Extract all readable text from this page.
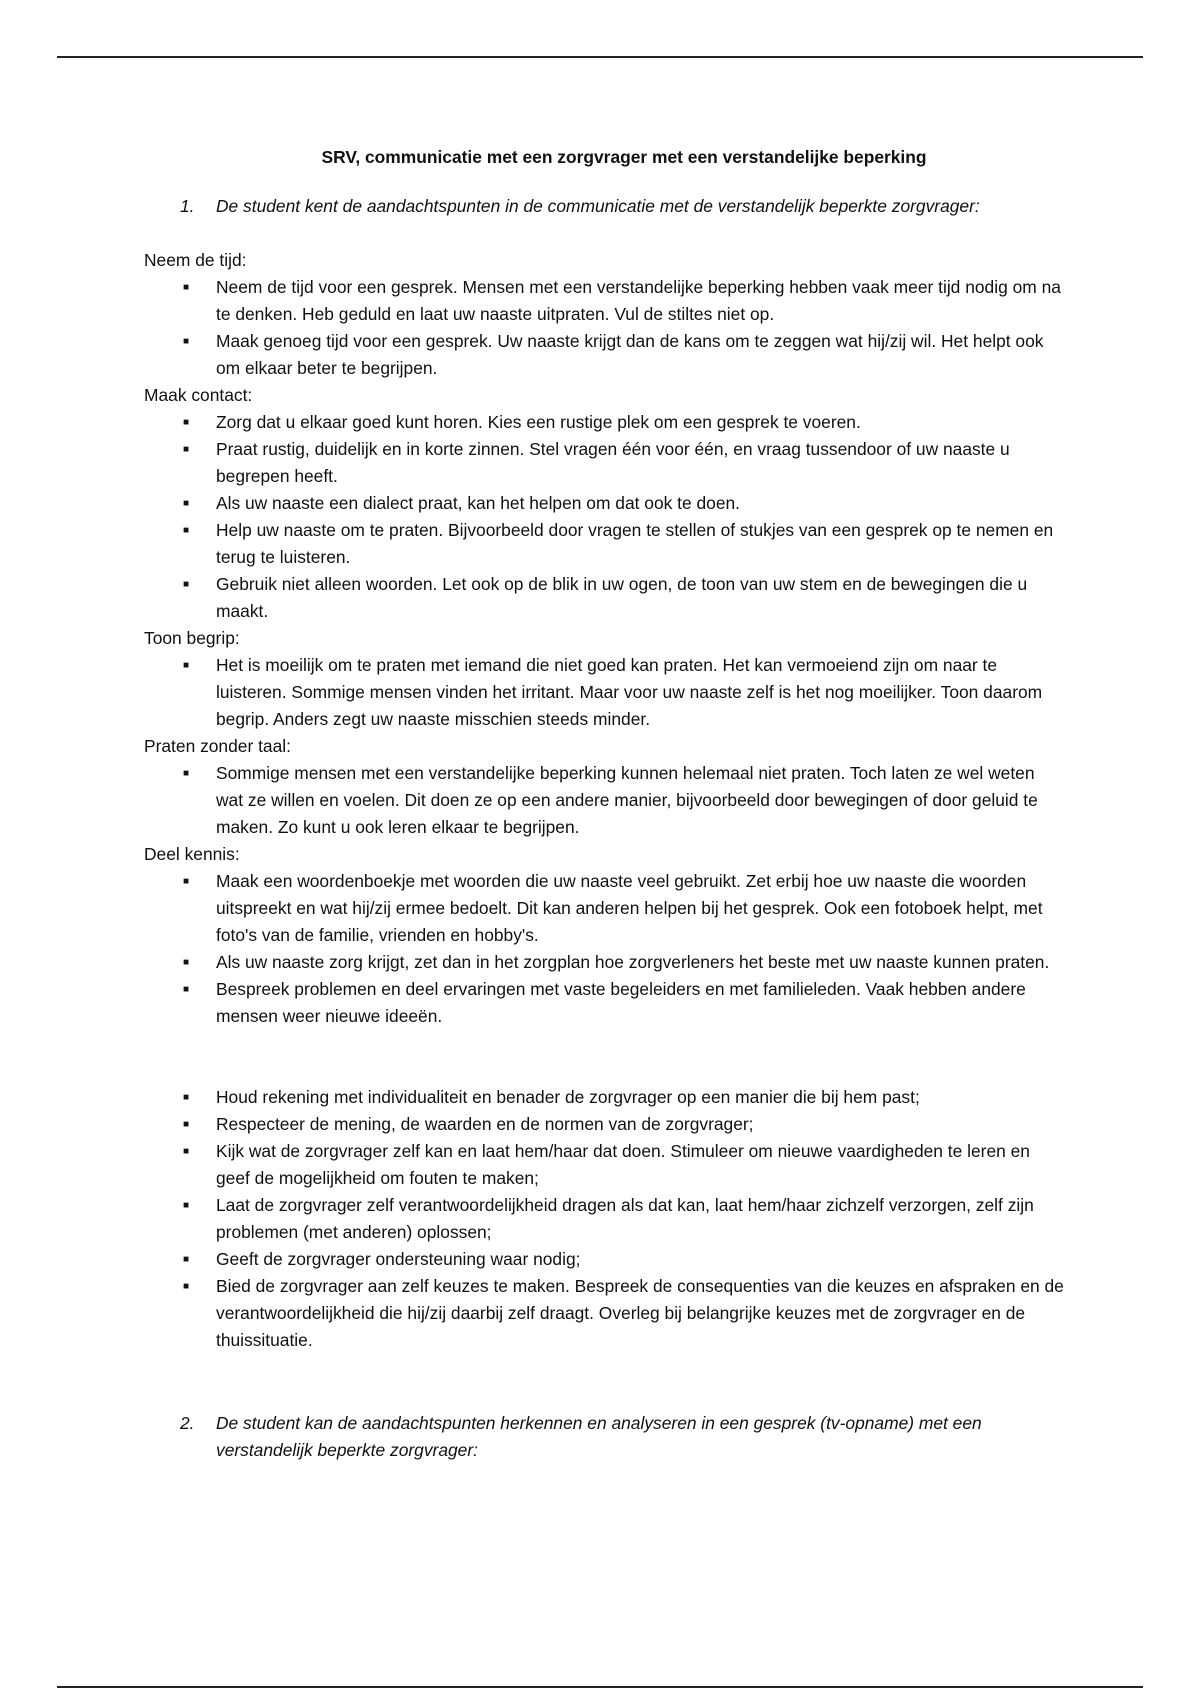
SRV, communicatie met een zorgvrager met een verstandelijke beperking
1.	De student kent de aandachtspunten in de communicatie met de verstandelijk beperkte zorgvrager:
Neem de tijd:
■	Neem de tijd voor een gesprek. Mensen met een verstandelijke beperking hebben vaak meer tijd nodig om na te denken. Heb geduld en laat uw naaste uitpraten. Vul de stiltes niet op.
■	Maak genoeg tijd voor een gesprek. Uw naaste krijgt dan de kans om te zeggen wat hij/zij wil. Het helpt ook om elkaar beter te begrijpen.
Maak contact:
■	Zorg dat u elkaar goed kunt horen. Kies een rustige plek om een gesprek te voeren.
■	Praat rustig, duidelijk en in korte zinnen. Stel vragen één voor één, en vraag tussendoor of uw naaste u begrepen heeft.
■	Als uw naaste een dialect praat, kan het helpen om dat ook te doen.
■	Help uw naaste om te praten. Bijvoorbeeld door vragen te stellen of stukjes van een gesprek op te nemen en terug te luisteren.
■	Gebruik niet alleen woorden. Let ook op de blik in uw ogen, de toon van uw stem en de bewegingen die u maakt.
Toon begrip:
■	Het is moeilijk om te praten met iemand die niet goed kan praten. Het kan vermoeiend zijn om naar te luisteren. Sommige mensen vinden het irritant. Maar voor uw naaste zelf is het nog moeilijker. Toon daarom begrip. Anders zegt uw naaste misschien steeds minder.
Praten zonder taal:
■	Sommige mensen met een verstandelijke beperking kunnen helemaal niet praten. Toch laten ze wel weten wat ze willen en voelen. Dit doen ze op een andere manier, bijvoorbeeld door bewegingen of door geluid te maken. Zo kunt u ook leren elkaar te begrijpen.
Deel kennis:
■	Maak een woordenboekje met woorden die uw naaste veel gebruikt. Zet erbij hoe uw naaste die woorden uitspreekt en wat hij/zij ermee bedoelt. Dit kan anderen helpen bij het gesprek. Ook een fotoboek helpt, met foto's van de familie, vrienden en hobby's.
■	Als uw naaste zorg krijgt, zet dan in het zorgplan hoe zorgverleners het beste met uw naaste kunnen praten.
■	Bespreek problemen en deel ervaringen met vaste begeleiders en met familieleden. Vaak hebben andere mensen weer nieuwe ideeën.
■	Houd rekening met individualiteit en benader de zorgvrager op een manier die bij hem past;
■	Respecteer de mening, de waarden en de normen van de zorgvrager;
■	Kijk wat de zorgvrager zelf kan en laat hem/haar dat doen. Stimuleer om nieuwe vaardigheden te leren en geef de mogelijkheid om fouten te maken;
■	Laat de zorgvrager zelf verantwoordelijkheid dragen als dat kan, laat hem/haar zichzelf verzorgen, zelf zijn problemen (met anderen) oplossen;
■	Geeft de zorgvrager ondersteuning waar nodig;
■	Bied de zorgvrager aan zelf keuzes te maken. Bespreek de consequenties van die keuzes en afspraken en de verantwoordelijkheid die hij/zij daarbij zelf draagt. Overleg bij belangrijke keuzes met de zorgvrager en de thuissituatie.
2.	De student kan de aandachtspunten herkennen en analyseren in een gesprek (tv-opname) met een verstandelijk beperkte zorgvrager:
